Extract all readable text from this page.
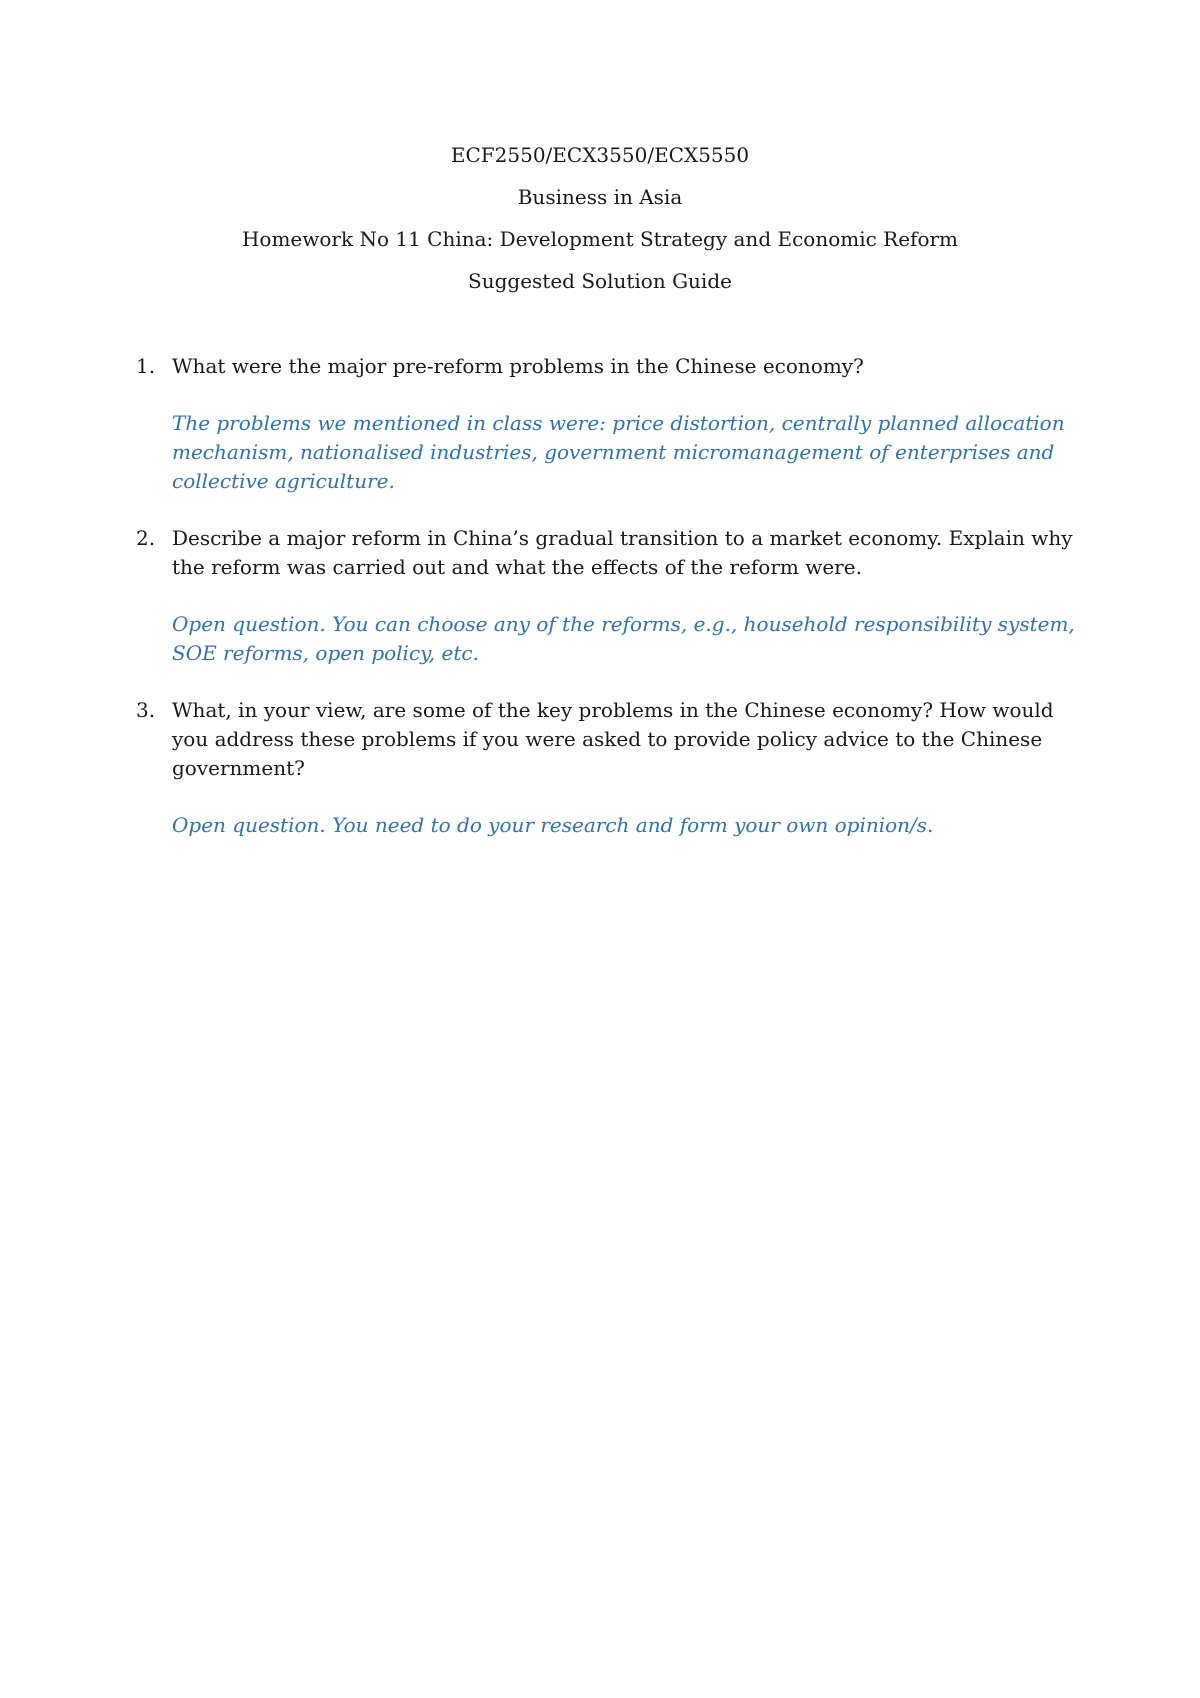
ECF2550/ECX3550/ECX5550
Business in Asia
Homework No 11 China: Development Strategy and Economic Reform
Suggested Solution Guide
1. What were the major pre-reform problems in the Chinese economy?

The problems we mentioned in class were: price distortion, centrally planned allocation mechanism, nationalised industries, government micromanagement of enterprises and collective agriculture.

2. Describe a major reform in China’s gradual transition to a market economy. Explain why the reform was carried out and what the effects of the reform were.

Open question. You can choose any of the reforms, e.g., household responsibility system, SOE reforms, open policy, etc.

3. What, in your view, are some of the key problems in the Chinese economy? How would you address these problems if you were asked to provide policy advice to the Chinese government?

Open question. You need to do your research and form your own opinion/s.
